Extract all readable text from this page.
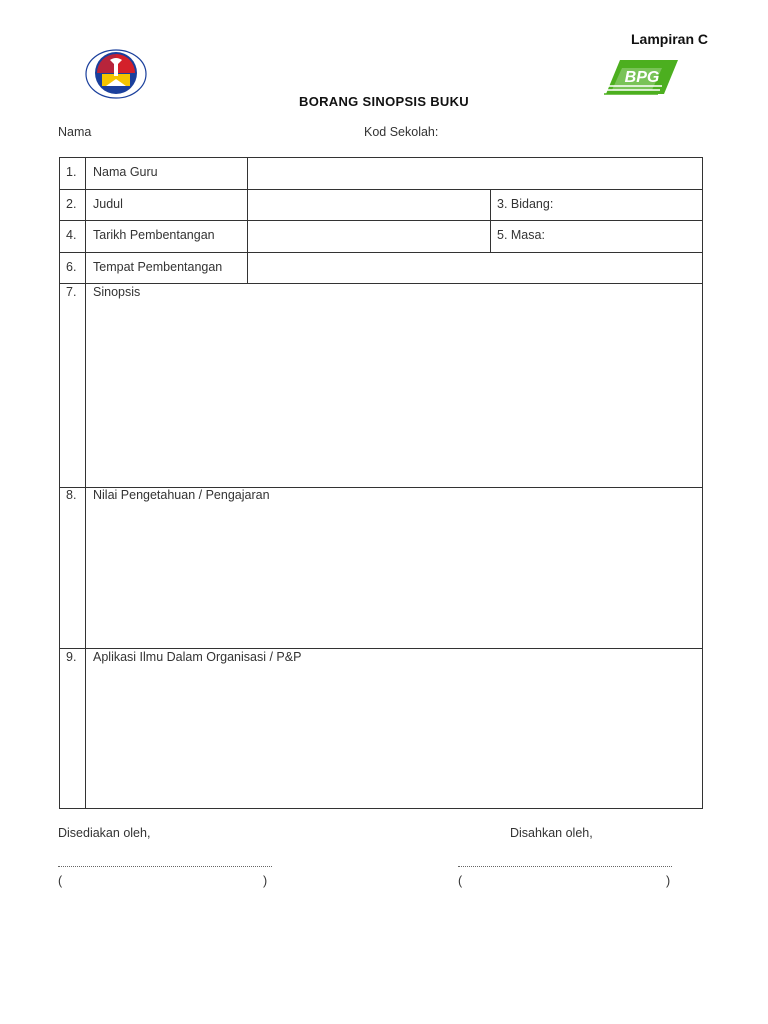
Lampiran C
BPG
BORANG SINOPSIS BUKU
Nama	Kod Sekolah:
1. Nama Guru
2. Judul	3. Bidang:
4. Tarikh Pembentangan	5. Masa:
6. Tempat Pembentangan
7. Sinopsis
8. Nilai Pengetahuan / Pengajaran
9. Aplikasi Ilmu Dalam Organisasi / P&P
Disediakan oleh,	Disahkan oleh,
(	)	(	)
